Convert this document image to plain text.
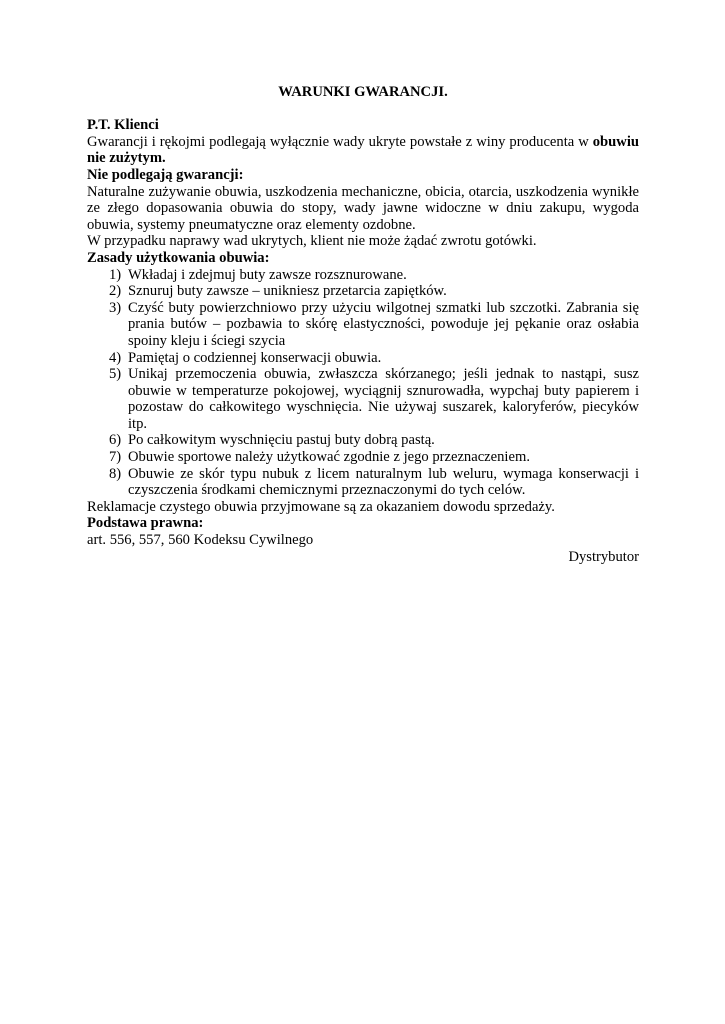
WARUNKI GWARANCJI.

P.T. Klienci

Gwarancji i rękojmi podlegają wyłącznie wady ukryte powstałe z winy producenta w obuwiu nie zużytym.

Nie podlegają gwarancji:

Naturalne zużywanie obuwia, uszkodzenia mechaniczne, obicia, otarcia, uszkodzenia wynikłe ze złego dopasowania obuwia do stopy, wady jawne widoczne w dniu zakupu, wygoda obuwia, systemy pneumatyczne oraz elementy ozdobne.

W przypadku naprawy wad ukrytych, klient nie może żądać zwrotu gotówki.

Zasady użytkowania obuwia:

1) Wkładaj i zdejmuj buty zawsze rozsznurowane.
2) Sznuruj buty zawsze – unikniesz przetarcia zapiętków.
3) Czyść buty powierzchniowo przy użyciu wilgotnej szmatki lub szczotki. Zabrania się prania butów – pozbawia to skórę elastyczności, powoduje jej pękanie oraz osłabia spoiny kleju i ściegi szycia
4) Pamiętaj o codziennej konserwacji obuwia.
5) Unikaj przemoczenia obuwia, zwłaszcza skórzanego; jeśli jednak to nastąpi, susz obuwie w temperaturze pokojowej, wyciągnij sznurowadła, wypchaj buty papierem i pozostaw do całkowitego wyschnięcia. Nie używaj suszarek, kaloryferów, piecyków itp.
6) Po całkowitym wyschnięciu pastuj buty dobrą pastą.
7) Obuwie sportowe należy użytkować zgodnie z jego przeznaczeniem.
8) Obuwie ze skór typu nubuk z licem naturalnym lub weluru, wymaga konserwacji i czyszczenia środkami chemicznymi przeznaczonymi do tych celów.

Reklamacje czystego obuwia przyjmowane są za okazaniem dowodu sprzedaży.

Podstawa prawna:

art. 556, 557, 560 Kodeksu Cywilnego

Dystrybutor
